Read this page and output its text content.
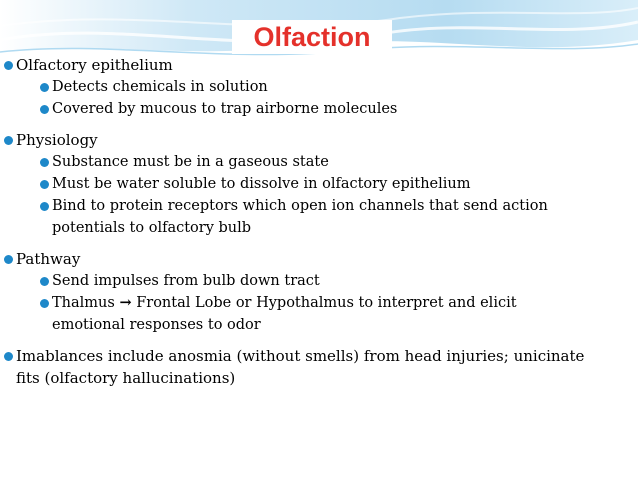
Olfaction
Olfactory epithelium
Detects chemicals in solution
Covered by mucous to trap airborne molecules
Physiology
Substance must be in a gaseous state
Must be water soluble to dissolve in olfactory epithelium
Bind to protein receptors which open ion channels that send action
potentials to olfactory bulb
Pathway
Send impulses from bulb down tract
Thalmus → Frontal Lobe or Hypothalmus to interpret and elicit
emotional responses to odor
Imablances include anosmia (without smells) from head injuries; unicinate
fits (olfactory hallucinations)
